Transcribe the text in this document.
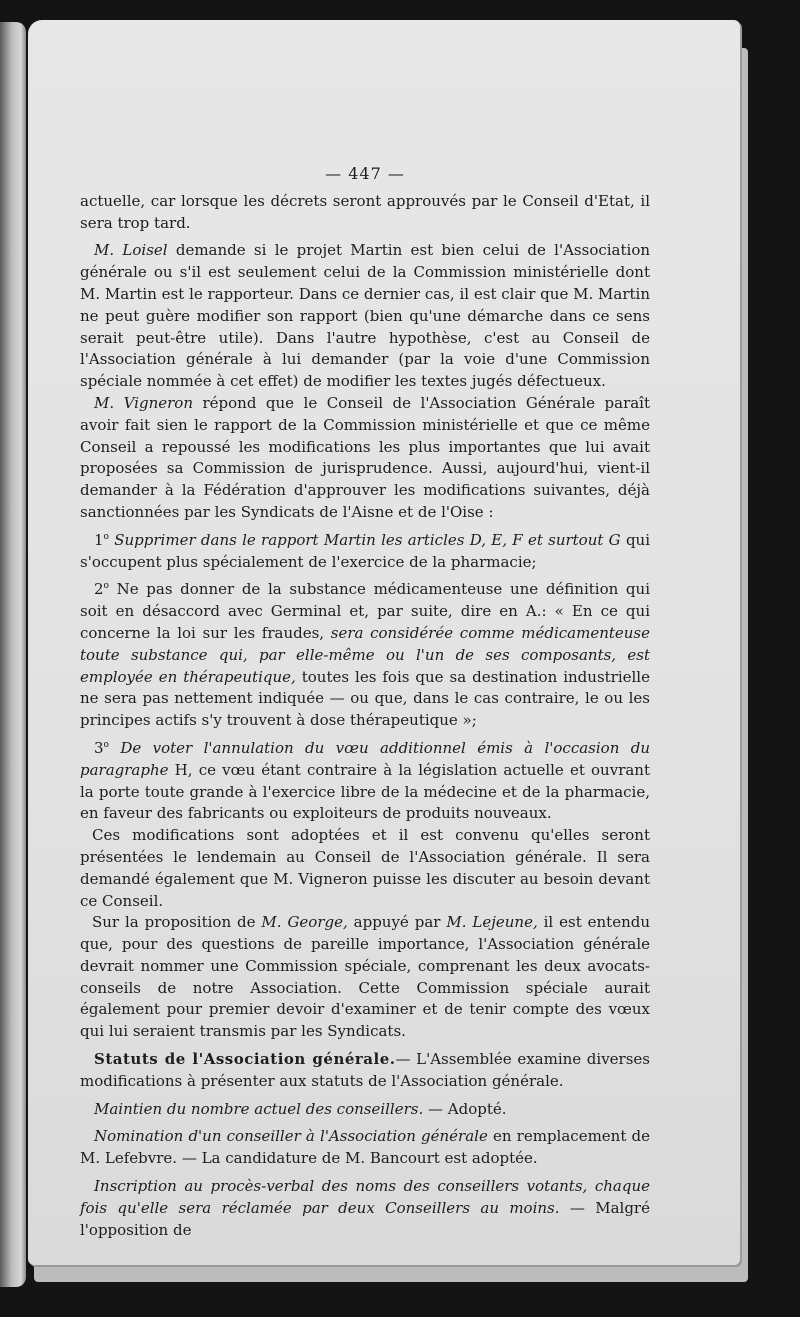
— 447 —

actuelle, car lorsque les décrets seront approuvés par le Conseil d'Etat, il sera trop tard.

M. Loisel demande si le projet Martin est bien celui de l'Association générale ou s'il est seulement celui de la Commission ministérielle dont M. Martin est le rapporteur. Dans ce dernier cas, il est clair que M. Martin ne peut guère modifier son rapport (bien qu'une démarche dans ce sens serait peut-être utile). Dans l'autre hypothèse, c'est au Conseil de l'Association générale à lui demander (par la voie d'une Commission spéciale nommée à cet effet) de modifier les textes jugés défectueux.

M. Vigneron répond que le Conseil de l'Association Générale paraît avoir fait sien le rapport de la Commission ministérielle et que ce même Conseil a repoussé les modifications les plus importantes que lui avait proposées sa Commission de jurisprudence. Aussi, aujourd'hui, vient-il demander à la Fédération d'approuver les modifications suivantes, déjà sanctionnées par les Syndicats de l'Aisne et de l'Oise :

1$^o$ Supprimer dans le rapport Martin les articles D, E, F et surtout G qui s'occupent plus spécialement de l'exercice de la pharmacie;

2$^o$ Ne pas donner de la substance médicamenteuse une définition qui soit en désaccord avec Germinal et, par suite, dire en A.: « En ce qui concerne la loi sur les fraudes, sera considérée comme médicamenteuse toute substance qui, par elle-même ou l'un de ses composants, est employée en thérapeutique, toutes les fois que sa destination industrielle ne sera pas nettement indiquée — ou que, dans le cas contraire, le ou les principes actifs s'y trouvent à dose thérapeutique »;

3$^o$ De voter l'annulation du vœu additionnel émis à l'occasion du paragraphe H, ce vœu étant contraire à la législation actuelle et ouvrant la porte toute grande à l'exercice libre de la médecine et de la pharmacie, en faveur des fabricants ou exploiteurs de produits nouveaux.

Ces modifications sont adoptées et il est convenu qu'elles seront présentées le lendemain au Conseil de l'Association générale. Il sera demandé également que M. Vigneron puisse les discuter au besoin devant ce Conseil.

Sur la proposition de M. George, appuyé par M. Lejeune, il est entendu que, pour des questions de pareille importance, l'Association générale devrait nommer une Commission spéciale, comprenant les deux avocats-conseils de notre Association. Cette Commission spéciale aurait également pour premier devoir d'examiner et de tenir compte des vœux qui lui seraient transmis par les Syndicats.

Statuts de l'Association générale.— L'Assemblée examine diverses modifications à présenter aux statuts de l'Association générale.

Maintien du nombre actuel des conseillers. — Adopté.

Nomination d'un conseiller à l'Association générale en remplacement de M. Lefebvre. — La candidature de M. Bancourt est adoptée.

Inscription au procès-verbal des noms des conseillers votants, chaque fois qu'elle sera réclamée par deux Conseillers au moins. — Malgré l'opposition de
